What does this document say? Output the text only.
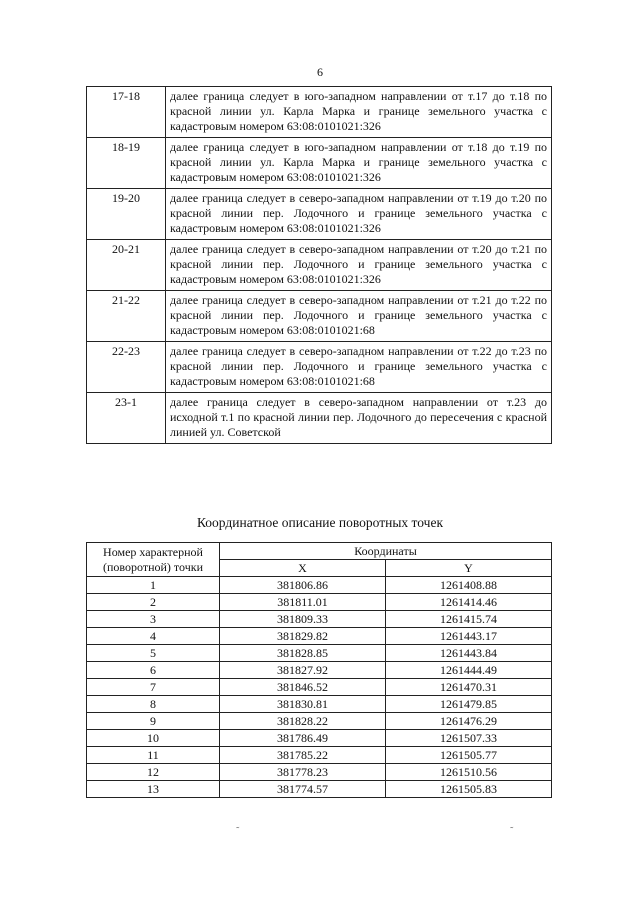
6
17-18	далее граница следует в юго-западном направлении от т.17 до т.18 по красной линии ул. Карла Марка и границе земельного участка с кадастровым номером 63:08:0101021:326
18-19	далее граница следует в юго-западном направлении от т.18 до т.19 по красной линии ул. Карла Марка и границе земельного участка с кадастровым номером 63:08:0101021:326
19-20	далее граница следует в северо-западном направлении от т.19 до т.20 по красной линии пер. Лодочного и границе земельного участка с кадастровым номером 63:08:0101021:326
20-21	далее граница следует в северо-западном направлении от т.20 до т.21 по красной линии пер. Лодочного и границе земельного участка с кадастровым номером 63:08:0101021:326
21-22	далее граница следует в северо-западном направлении от т.21 до т.22 по красной линии пер. Лодочного и границе земельного участка с кадастровым номером 63:08:0101021:68
22-23	далее граница следует в северо-западном направлении от т.22 до т.23 по красной линии пер. Лодочного и границе земельного участка с кадастровым номером 63:08:0101021:68
23-1	далее граница следует в северо-западном направлении от т.23 до исходной т.1 по красной линии пер. Лодочного до пересечения с красной линией ул. Советской
Координатное описание поворотных точек
Номер характерной (поворотной) точки	Координаты	
	X	Y
1	381806.86	1261408.88
2	381811.01	1261414.46
3	381809.33	1261415.74
4	381829.82	1261443.17
5	381828.85	1261443.84
6	381827.92	1261444.49
7	381846.52	1261470.31
8	381830.81	1261479.85
9	381828.22	1261476.29
10	381786.49	1261507.33
11	381785.22	1261505.77
12	381778.23	1261510.56
13	381774.57	1261505.83
˜	˜
